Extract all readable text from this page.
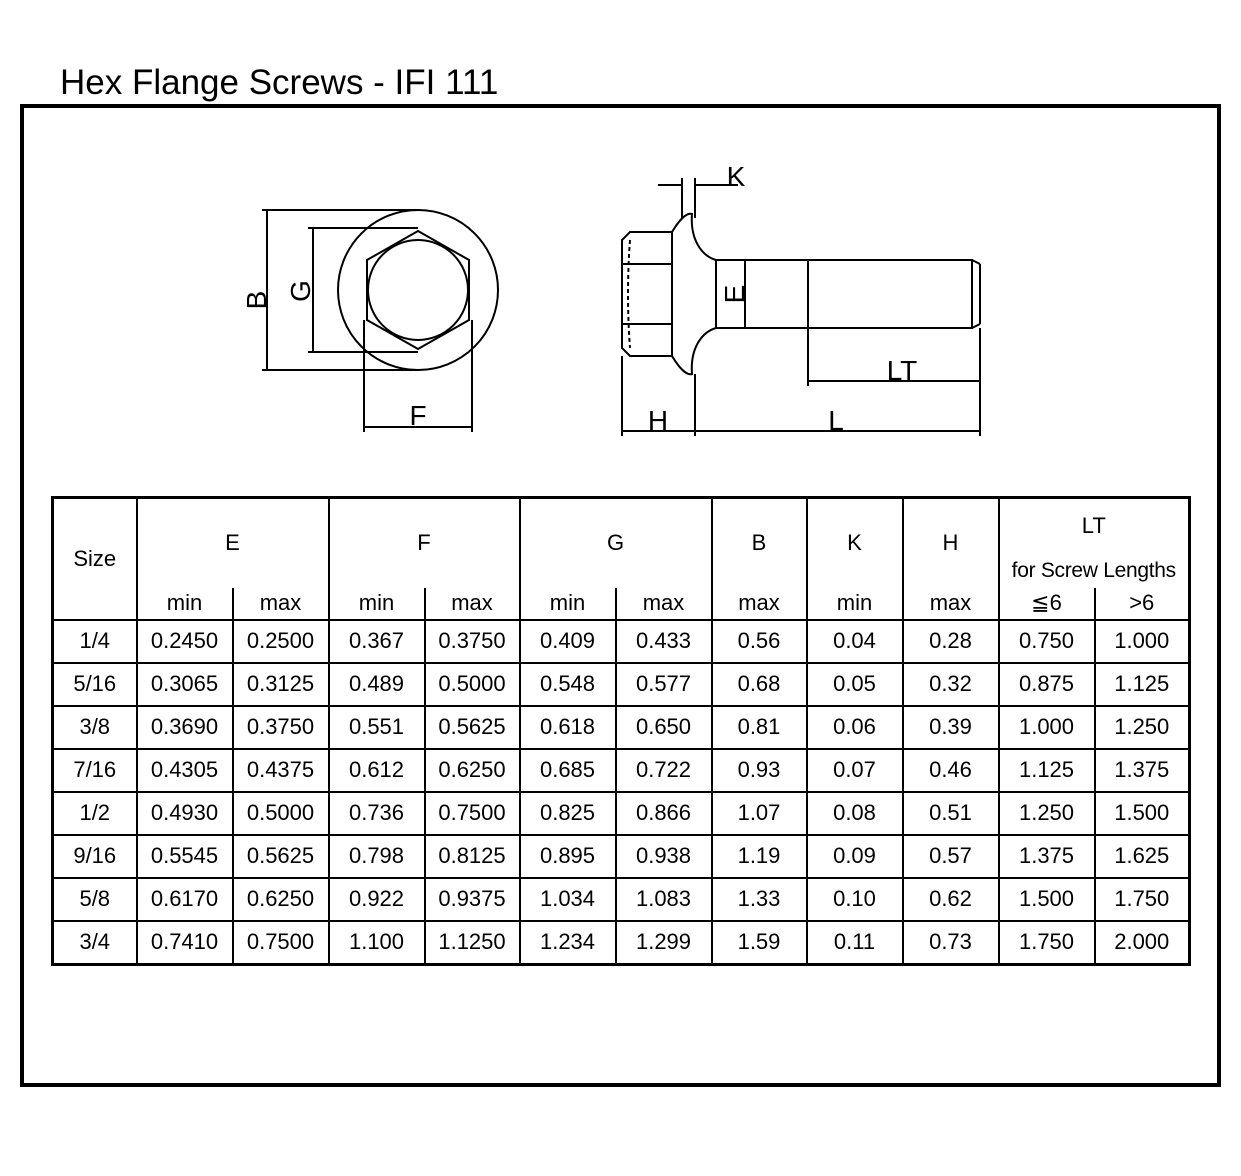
Hex Flange Screws - IFI 111
B G
F
K
E
LT
H	L
Size	E		F		G		B	K	H	LT
for Screw Lengths	

	min	max	min	max	min	max	max	min	max	≦6	>6
1/4	0.2450	0.2500	0.367	0.3750	0.409	0.433	0.56	0.04	0.28	0.750	1.000
5/16	0.3065	0.3125	0.489	0.5000	0.548	0.577	0.68	0.05	0.32	0.875	1.125
3/8	0.3690	0.3750	0.551	0.5625	0.618	0.650	0.81	0.06	0.39	1.000	1.250
7/16	0.4305	0.4375	0.612	0.6250	0.685	0.722	0.93	0.07	0.46	1.125	1.375
1/2	0.4930	0.5000	0.736	0.7500	0.825	0.866	1.07	0.08	0.51	1.250	1.500
9/16	0.5545	0.5625	0.798	0.8125	0.895	0.938	1.19	0.09	0.57	1.375	1.625
5/8	0.6170	0.6250	0.922	0.9375	1.034	1.083	1.33	0.10	0.62	1.500	1.750
3/4	0.7410	0.7500	1.100	1.1250	1.234	1.299	1.59	0.11	0.73	1.750	2.000
